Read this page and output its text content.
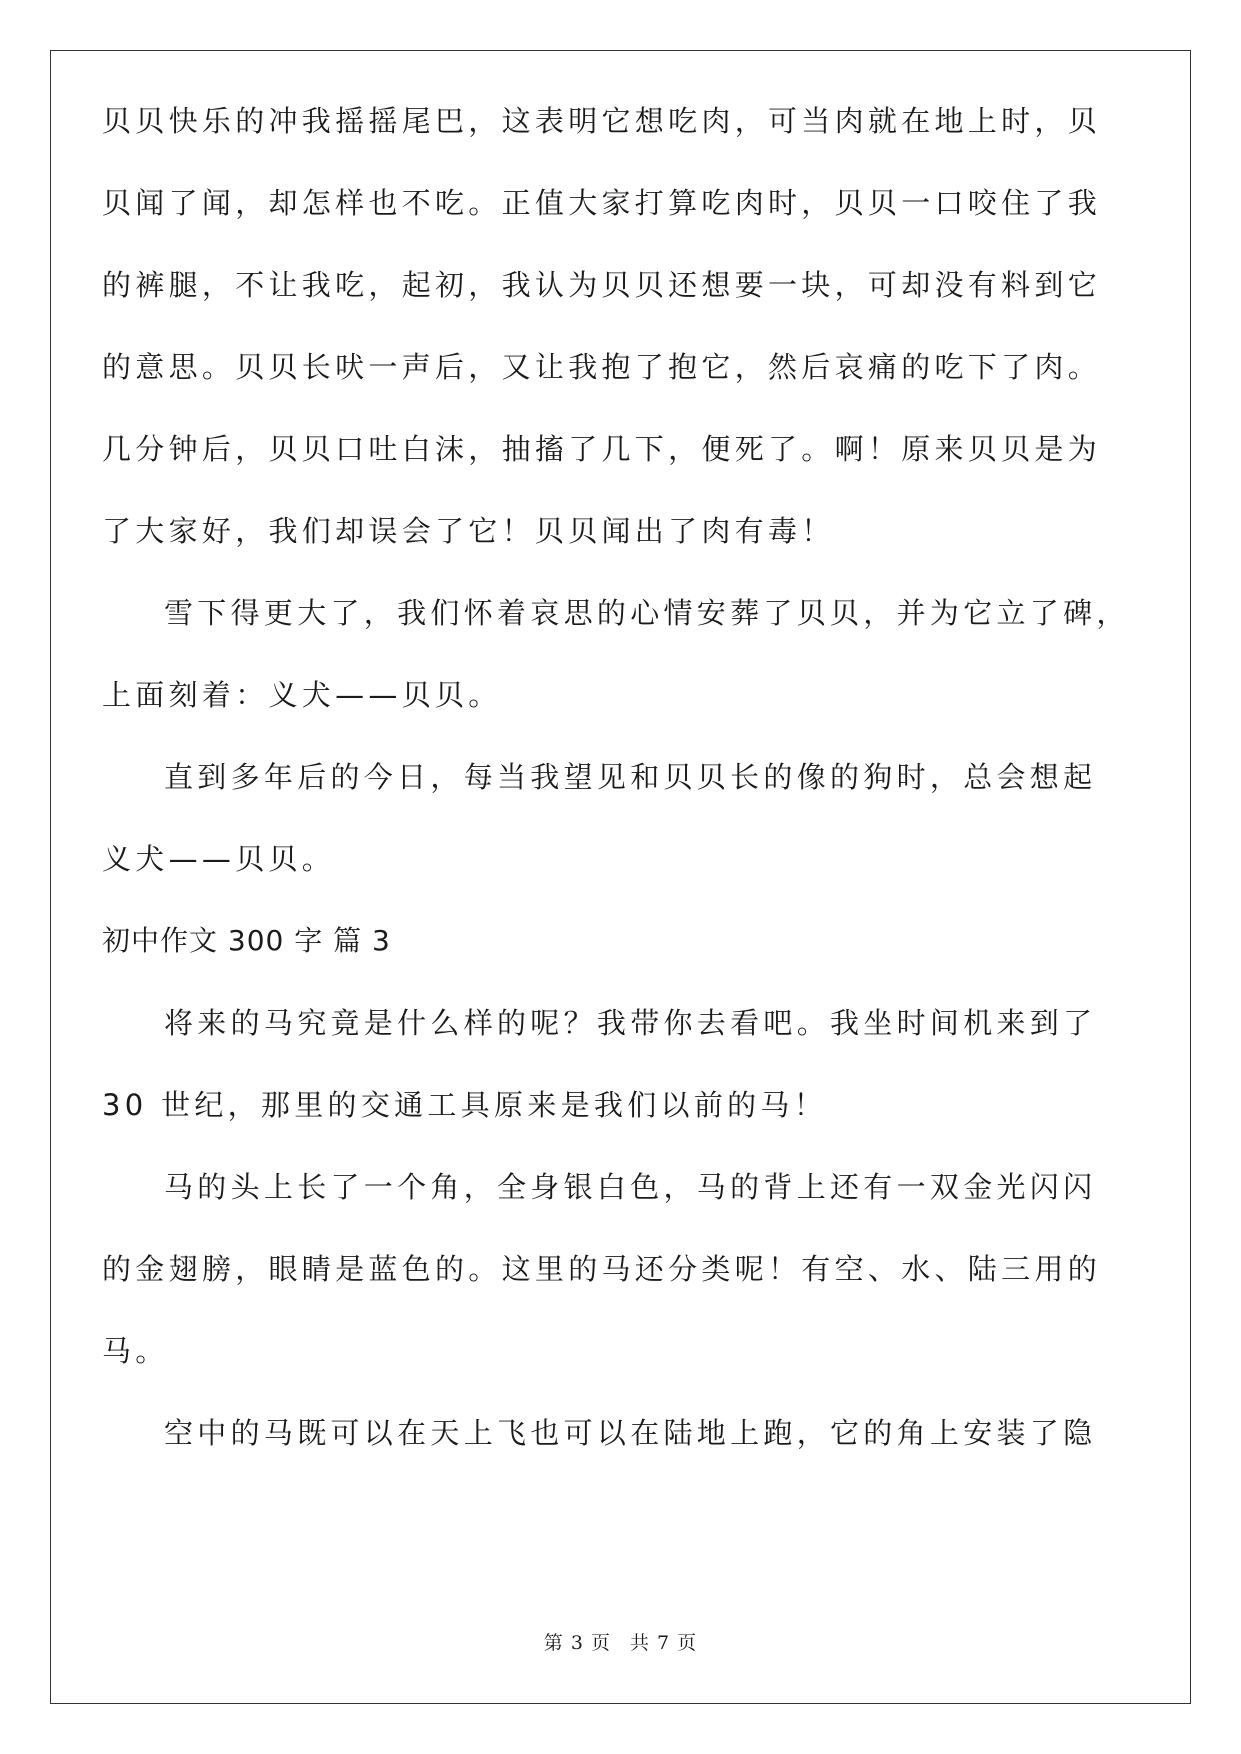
贝贝快乐的冲我摇摇尾巴，这表明它想吃肉，可当肉就在地上时，贝
贝闻了闻，却怎样也不吃。正值大家打算吃肉时，贝贝一口咬住了我
的裤腿，不让我吃，起初，我认为贝贝还想要一块，可却没有料到它
的意思。贝贝长吠一声后，又让我抱了抱它，然后哀痛的吃下了肉。
几分钟后，贝贝口吐白沫，抽搐了几下，便死了。啊！原来贝贝是为
了大家好，我们却误会了它！贝贝闻出了肉有毒！
雪下得更大了，我们怀着哀思的心情安葬了贝贝，并为它立了碑，
上面刻着：义犬——贝贝。
直到多年后的今日，每当我望见和贝贝长的像的狗时，总会想起
义犬——贝贝。
初中作文 300 字 篇 3
将来的马究竟是什么样的呢？我带你去看吧。我坐时间机来到了
30 世纪，那里的交通工具原来是我们以前的马！
马的头上长了一个角，全身银白色，马的背上还有一双金光闪闪
的金翅膀，眼睛是蓝色的。这里的马还分类呢！有空、水、陆三用的
马。
空中的马既可以在天上飞也可以在陆地上跑，它的角上安装了隐
第 3 页 共 7 页
